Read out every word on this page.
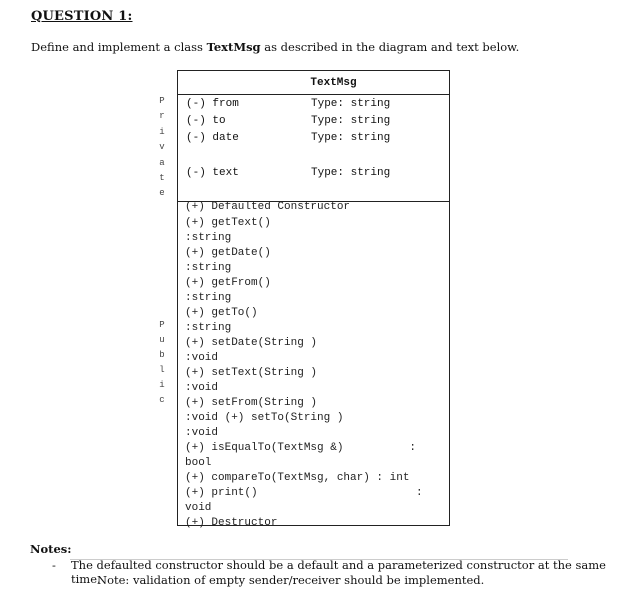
QUESTION 1:
Define and implement a class TextMsg as described in the diagram and text below.
P
r
i
v
a
t
e
P
u
b
l
i
c
TextMsg
(-) from	Type: string
(-) to	Type: string
(-) date	Type: string
(-) text	Type: string
(+) Defaulted Constructor
(+) getText()
:string
(+) getDate()
:string
(+) getFrom()
:string
(+) getTo()
:string
(+) setDate(String )
:void
(+) setText(String )
:void
(+) setFrom(String )
:void (+) setTo(String )
:void
(+) isEqualTo(TextMsg &)          :
bool
(+) compareTo(TextMsg, char) : int
(+) print()                        :
void
(+) Destructor
Notes:
- The defaulted constructor should be a default and a parameterized constructor at the same time.
Note: validation of empty sender/receiver should be implemented.
